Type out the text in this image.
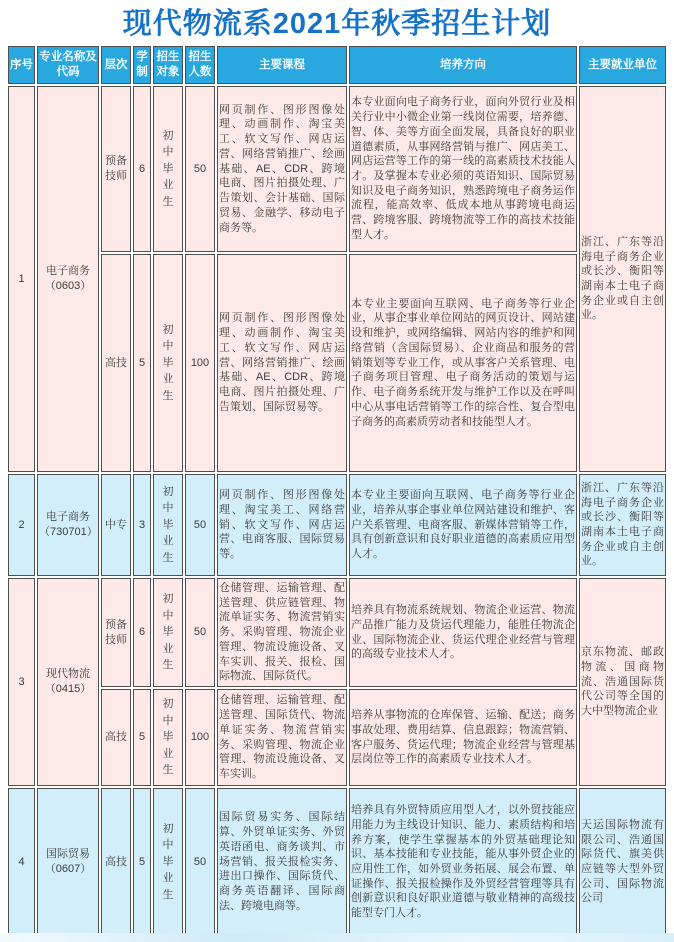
现代物流系2021年秋季招生计划
序号	专业名称及代码	层次	学制	招生对象	招生人数	主要课程	培养方向	主要就业单位
1	电子商务（0603）	预备技师	6	初中毕业生	50	网页制作、图形图像处理、动画制作、淘宝美工、软文写作、网店运营、网络营销推广、绘画基础、AE、CDR、跨境电商、图片拍摄处理、广告策划、会计基础、国际贸易、金融学、移动电子商务等。	本专业面向电子商务行业，面向外贸行业及相关行业中小微企业第一线岗位需要，培养德、智、体、美等方面全面发展，具备良好的职业道德素质，从事网络营销与推广、网店美工、网店运营等工作的第一线的高素质技术技能人才。及掌握本专业必须的英语知识、国际贸易知识及电子商务知识，熟悉跨境电子商务运作流程，能高效率、低成本地从事跨境电商运营、跨境客服、跨境物流等工作的高技术技能型人才。	浙江、广东等沿海电子商务企业或长沙、衡阳等湖南本土电子商务企业或自主创业。
		高技	5	初中毕业生	100	网页制作、图形图像处理、动画制作、淘宝美工、软文写作、网店运营、网络营销推广、绘画基础、AE、CDR、跨境电商、图片拍摄处理、广告策划、国际贸易等。	本专业主要面向互联网、电子商务等行业企业，从事企事业单位网站的网页设计、网站建设和维护，或网络编辑、网站内容的维护和网络营销（含国际贸易）、企业商品和服务的营销策划等专业工作，或从事客户关系管理、电子商务项目管理、电子商务活动的策划与运作、电子商务系统开发与维护工作以及在呼叫中心从事电话营销等工作的综合性、复合型电子商务的高素质劳动者和技能型人才。	
2	电子商务（730701）	中专	3	初中毕业生	50	网页制作、图形图像处理、淘宝美工、网络营销、软文写作、网店运营、电商客服、国际贸易等。	本专业主要面向互联网、电子商务等行业企业，培养从事企事业单位网站建设和维护、客户关系管理、电商客服、新媒体营销等工作，具有创新意识和良好职业道德的高素质应用型人才。	浙江、广东等沿海电子商务企业或长沙、衡阳等湖南本土电子商务企业或自主创业。
3	现代物流（0415）	预备技师	6	初中毕业生	50	仓储管理、运输管理、配送管理、供应链管理、物流单证实务、物流营销实务、采购管理、物流企业管理、物流设施设备、叉车实训、报关、报检、国际物流、国际货代。	培养具有物流系统规划、物流企业运营、物流产品推广能力及货运代理能力，能胜任物流企业、国际物流企业、货运代理企业经营与管理的高级专业技术人才。	京东物流、邮政物流、国商物流、浩通国际货代公司等全国的大中型物流企业
		高技	5	初中毕业生	100	仓储管理、运输管理、配送管理、国际货代、物流单证实务、物流营销实务、采购管理、物流企业管理、物流设施设备、叉车实训。	培养从事物流的仓库保管、运输、配送；商务事故处理、费用结算、信息跟踪；物流营销、客户服务、货运代理；物流企业经营与管理基层岗位等工作的高素质专业技术人才。	
4	国际贸易（0607）	高技	5	初中毕业生	50	国际贸易实务、国际结算、外贸单证实务、外贸英语函电、商务谈判、市场营销、报关报检实务、进出口操作、国际货代、商务英语翻译、国际商法、跨境电商等。	培养具有外贸特质应用型人才，以外贸技能应用能力为主线设计知识、能力、素质结构和培养方案，使学生掌握基本的外贸基础理论知识、基本技能和专业技能，能从事外贸企业的应用性工作，如外贸业务拓展、展会布置、单证操作、报关报检操作及外贸经营管理等具有创新意识和良好职业道德与敬业精神的高级技能型专门人才。	天运国际物流有限公司、浩通国际货代、旗美供应链等大型外贸公司、国际物流公司
